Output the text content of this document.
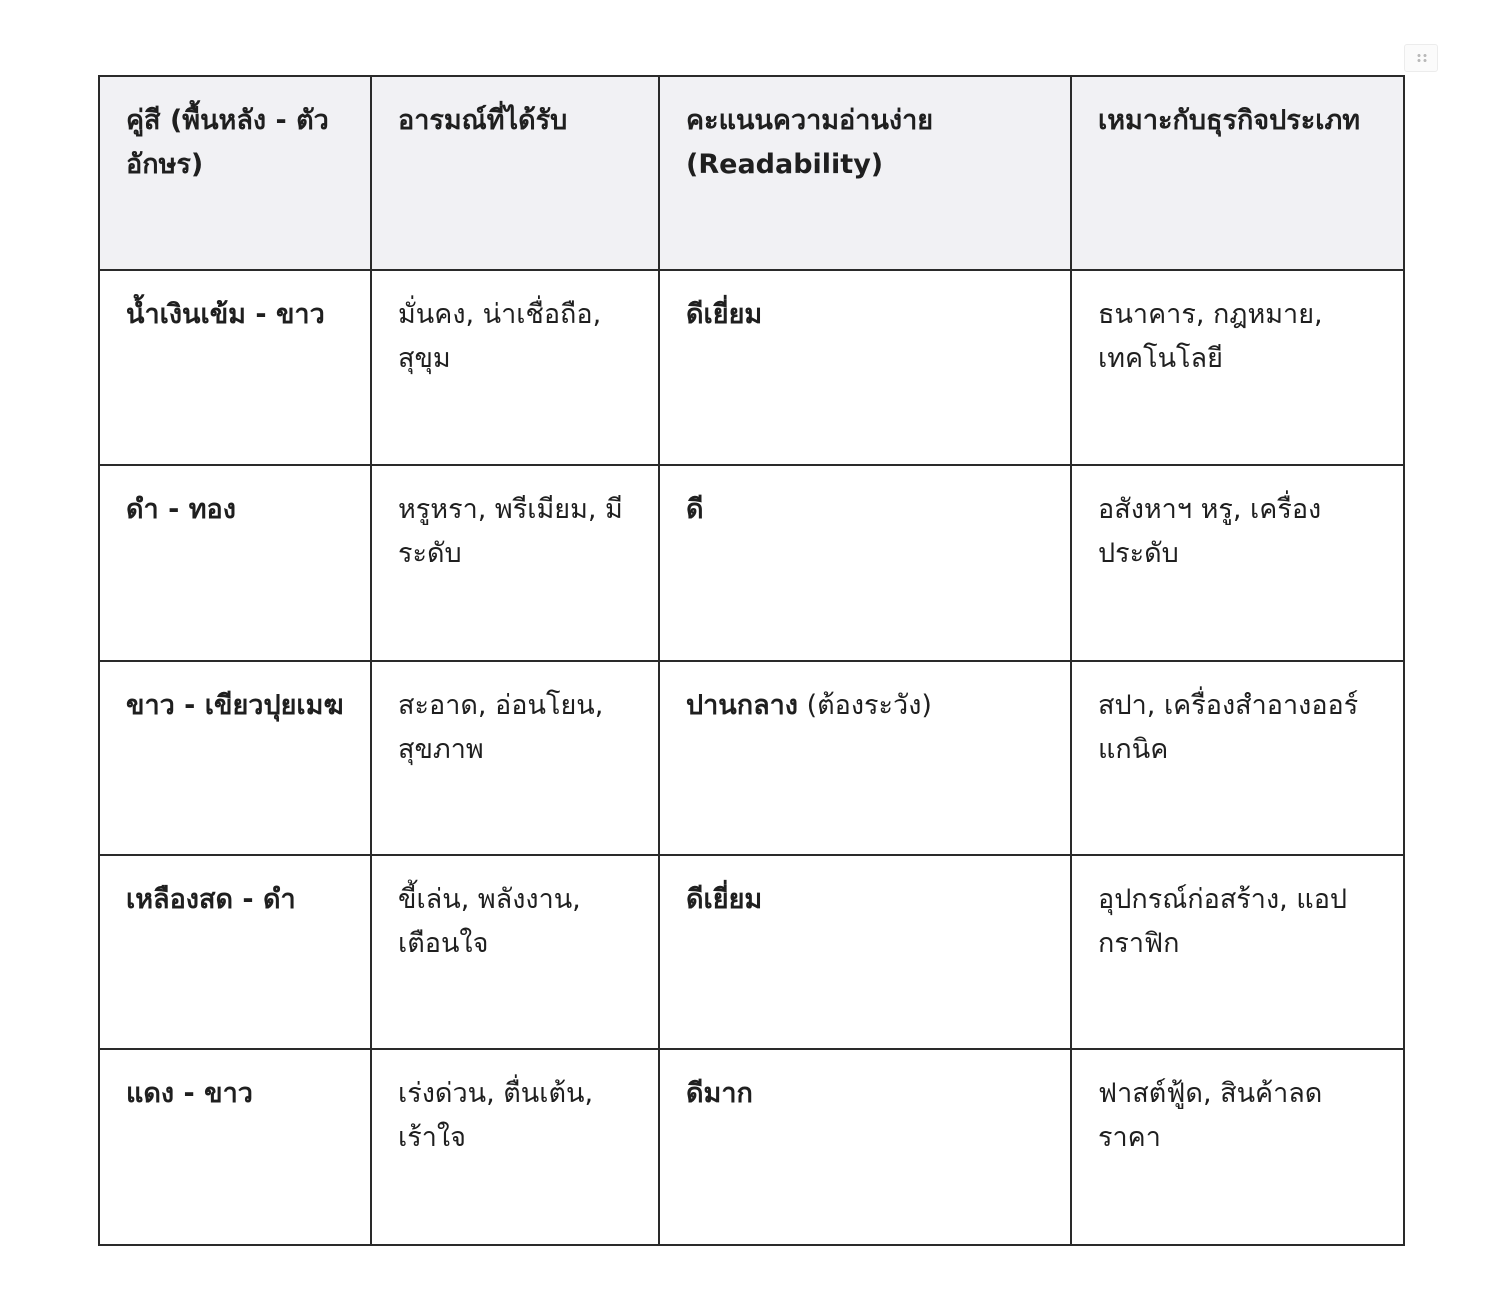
คู่สี (พื้นหลัง - ตัวอักษร)	อารมณ์ที่ได้รับ	คะแนนความอ่านง่าย (Readability)	เหมาะกับธุรกิจประเภท
น้ำเงินเข้ม - ขาว	มั่นคง, น่าเชื่อถือ, สุขุม	ดีเยี่ยม	ธนาคาร, กฎหมาย, เทคโนโลยี
ดำ - ทอง	หรูหรา, พรีเมียม, มีระดับ	ดี	อสังหาฯ หรู, เครื่องประดับ
ขาว - เขียวปุยเมฆ	สะอาด, อ่อนโยน, สุขภาพ	ปานกลาง (ต้องระวัง)	สปา, เครื่องสำอางออร์แกนิค
เหลืองสด - ดำ	ขี้เล่น, พลังงาน, เตือนใจ	ดีเยี่ยม	อุปกรณ์ก่อสร้าง, แอปกราฟิก
แดง - ขาว	เร่งด่วน, ตื่นเต้น, เร้าใจ	ดีมาก	ฟาสต์ฟู้ด, สินค้าลดราคา
